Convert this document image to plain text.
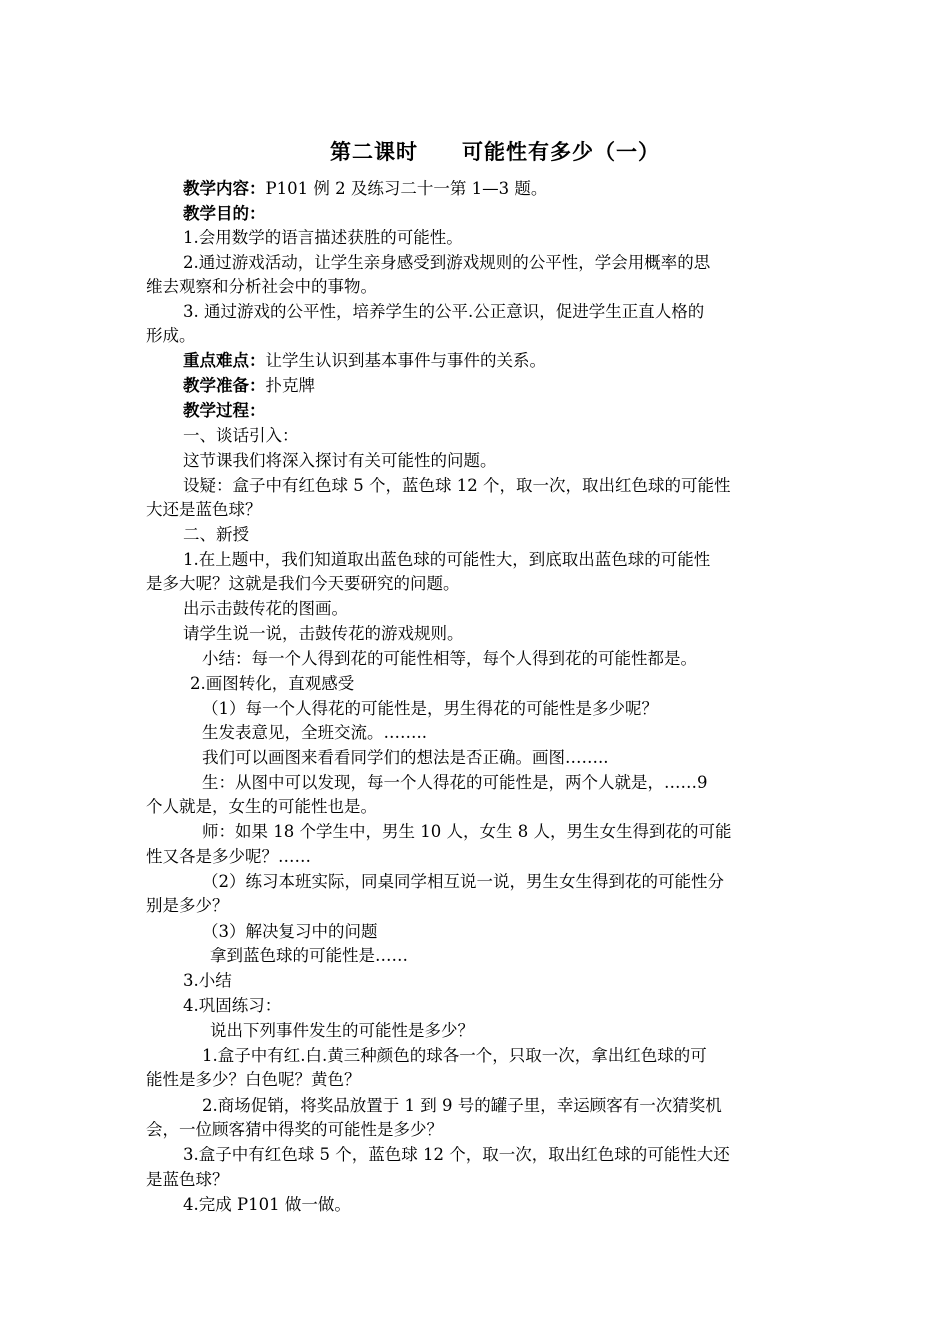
第二课时　　可能性有多少（一）
教学内容：P101 例 2 及练习二十一第 1—3 题。
教学目的：
1.会用数学的语言描述获胜的可能性。
2.通过游戏活动，让学生亲身感受到游戏规则的公平性，学会用概率的思
维去观察和分析社会中的事物。
3. 通过游戏的公平性，培养学生的公平.公正意识，促进学生正直人格的
形成。
重点难点：让学生认识到基本事件与事件的关系。
教学准备：扑克牌
教学过程：
一、谈话引入：
这节课我们将深入探讨有关可能性的问题。
设疑：盒子中有红色球 5 个，蓝色球 12 个，取一次，取出红色球的可能性
大还是蓝色球？
二、新授
1.在上题中，我们知道取出蓝色球的可能性大，到底取出蓝色球的可能性
是多大呢？这就是我们今天要研究的问题。
出示击鼓传花的图画。
请学生说一说，击鼓传花的游戏规则。
小结：每一个人得到花的可能性相等，每个人得到花的可能性都是。
2.画图转化，直观感受
（1）每一个人得花的可能性是，男生得花的可能性是多少呢？
生发表意见，全班交流。……..
我们可以画图来看看同学们的想法是否正确。画图……..
生：从图中可以发现，每一个人得花的可能性是，两个人就是，……9
个人就是，女生的可能性也是。
师：如果 18 个学生中，男生 10 人，女生 8 人，男生女生得到花的可能
性又各是多少呢？……
（2）练习本班实际，同桌同学相互说一说，男生女生得到花的可能性分
别是多少？
（3）解决复习中的问题
拿到蓝色球的可能性是……
3.小结
4.巩固练习：
说出下列事件发生的可能性是多少？
1.盒子中有红.白.黄三种颜色的球各一个，只取一次，拿出红色球的可
能性是多少？白色呢？黄色？
2.商场促销，将奖品放置于 1 到 9 号的罐子里，幸运顾客有一次猜奖机
会，一位顾客猜中得奖的可能性是多少？
3.盒子中有红色球 5 个，蓝色球 12 个，取一次，取出红色球的可能性大还
是蓝色球？
4.完成 P101 做一做。
